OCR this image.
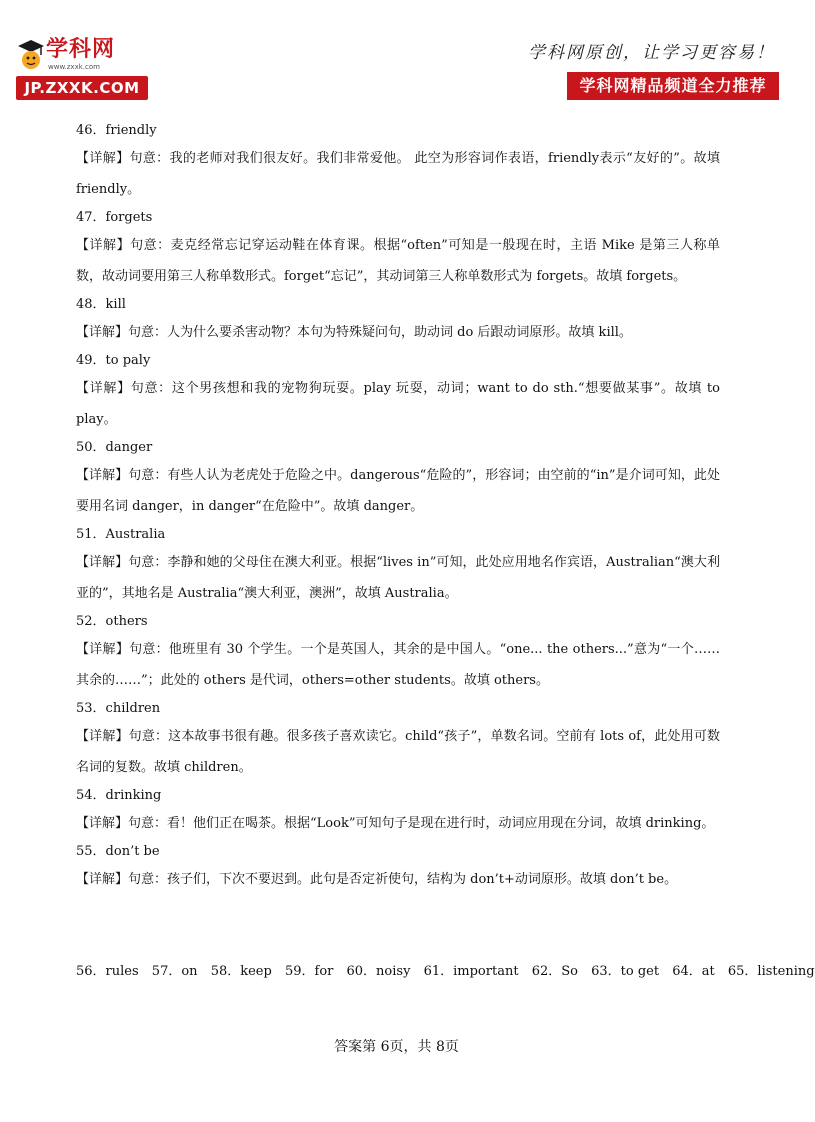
学科网
www.zxxk.com
JP.ZXXK.COM
学科网原创，让学习更容易！
学科网精品频道全力推荐
46．friendly
【详解】句意：我的老师对我们很友好。我们非常爱他。 此空为形容词作表语，friendly表示“友好的”。故填 friendly。
47．forgets
【详解】句意：麦克经常忘记穿运动鞋在体育课。根据“often”可知是一般现在时，主语 Mike 是第三人称单数，故动词要用第三人称单数形式。forget“忘记”，其动词第三人称单数形式为 forgets。故填 forgets。
48．kill
【详解】句意：人为什么要杀害动物？本句为特殊疑问句，助动词 do 后跟动词原形。故填 kill。
49．to paly
【详解】句意：这个男孩想和我的宠物狗玩耍。play 玩耍，动词；want to do sth.“想要做某事”。故填 to play。
50．danger
【详解】句意：有些人认为老虎处于危险之中。dangerous“危险的”，形容词；由空前的“in”是介词可知，此处要用名词 danger，in danger“在危险中”。故填 danger。
51．Australia
【详解】句意：李静和她的父母住在澳大利亚。根据“lives in”可知，此处应用地名作宾语，Australian“澳大利亚的”，其地名是 Australia“澳大利亚，澳洲”，故填 Australia。
52．others
【详解】句意：他班里有 30 个学生。一个是英国人，其余的是中国人。“one... the others...”意为“一个……其余的……”；此处的 others 是代词，others=other students。故填 others。
53．children
【详解】句意：这本故事书很有趣。很多孩子喜欢读它。child“孩子”，单数名词。空前有 lots of，此处用可数名词的复数。故填 children。
54．drinking
【详解】句意：看！他们正在喝茶。根据“Look”可知句子是现在进行时，动词应用现在分词，故填 drinking。
55．don’t be
【详解】句意：孩子们，下次不要迟到。此句是否定祈使句，结构为 don’t+动词原形。故填 don’t be。
56．rules 57．on 58．keep 59．for 60．noisy 61．important 62．So 63．to get 64．at 65．listening
答案第 6页，共 8页
